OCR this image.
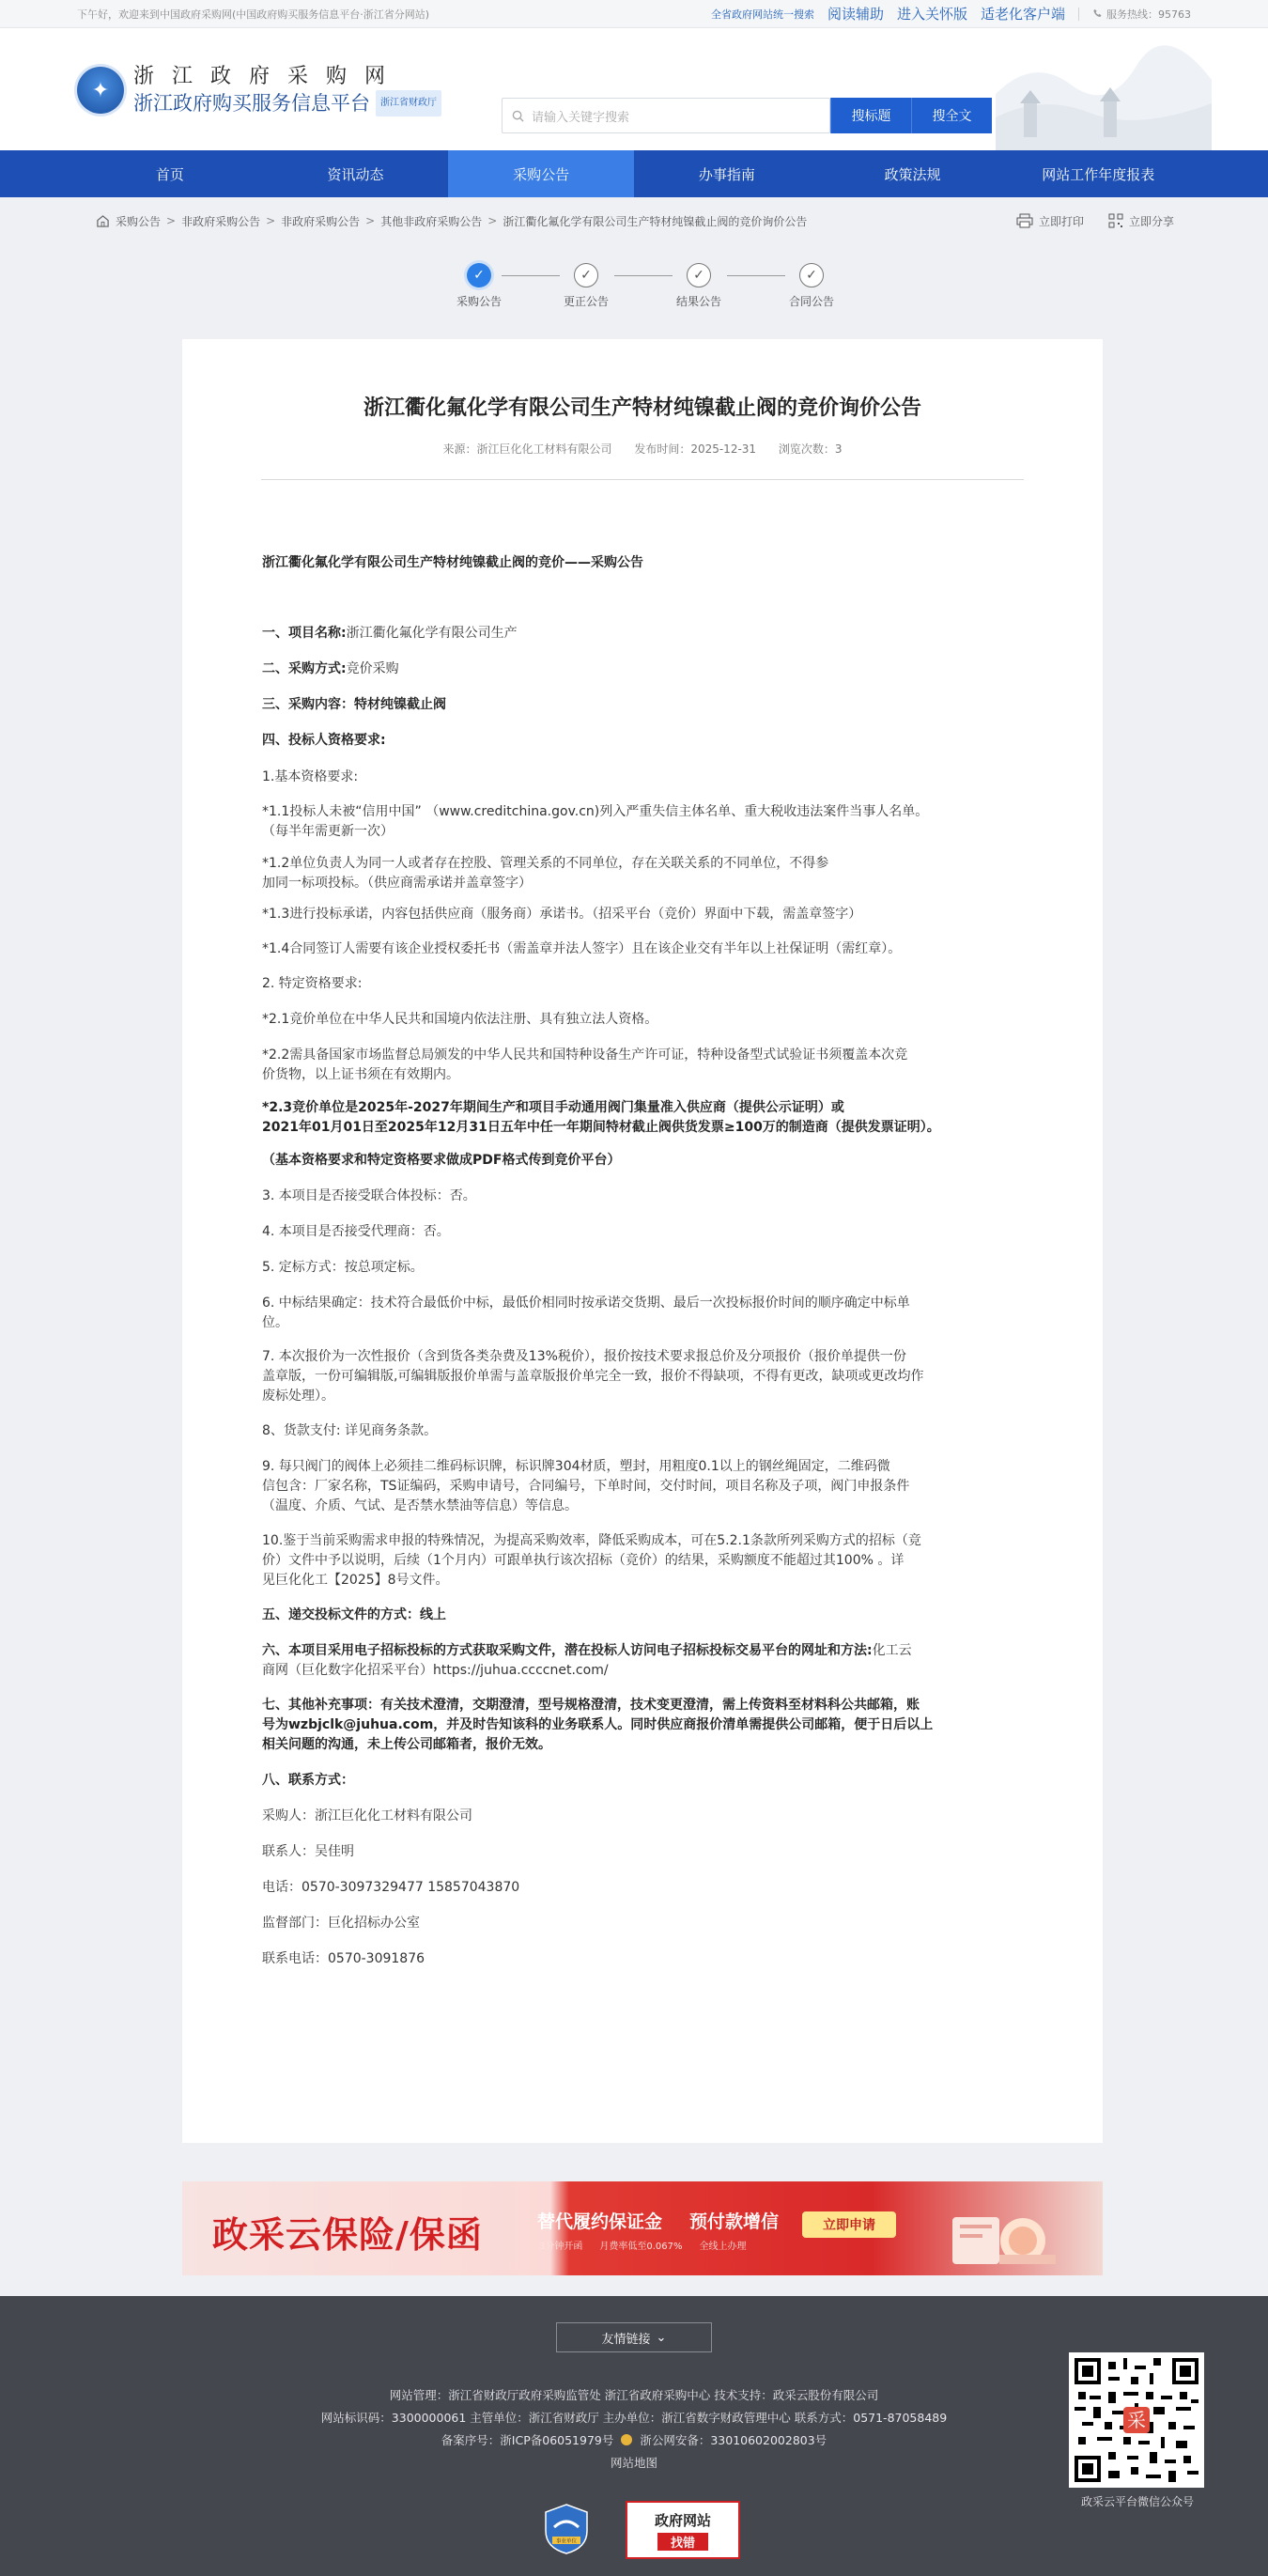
下午好，欢迎来到中国政府采购网(中国政府购买服务信息平台·浙江省分网站)	全省政府网站统一搜索 阅读辅助 进入关怀版 适老化客户端	服务热线：95763
✦
浙 江 政 府 采 购 网
浙江政府购买服务信息平台	浙江省财政厅
请输入关键字搜索	搜标题	搜全文
首页	资讯动态	采购公告	办事指南	政策法规	网站工作年度报表
采购公告 > 非政府采购公告 > 非政府采购公告 > 其他非政府采购公告 > 浙江衢化氟化学有限公司生产特材纯镍截止阀的竞价询价公告	立即打印	立即分享
✓
采购公告
✓
更正公告
✓
结果公告
✓
合同公告
浙江衢化氟化学有限公司生产特材纯镍截止阀的竞价询价公告
来源：浙江巨化化工材料有限公司 发布时间：2025-12-31 浏览次数：3

浙江衢化氟化学有限公司生产特材纯镍截止阀的竞价——采购公告

一、项目名称:浙江衢化氟化学有限公司生产

二、采购方式:竞价采购

三、采购内容：特材纯镍截止阀

四、投标人资格要求:

1.基本资格要求:

*1.1投标人未被“信用中国” （www.creditchina.gov.cn)列入严重失信主体名单、重大税收违法案件当事人名单。

（每半年需更新一次）

*1.2单位负责人为同一人或者存在控股、管理关系的不同单位，存在关联关系的不同单位，不得参

加同一标项投标。（供应商需承诺并盖章签字）

*1.3进行投标承诺，内容包括供应商（服务商）承诺书。（招采平台（竞价）界面中下载，需盖章签字）

*1.4合同签订人需要有该企业授权委托书（需盖章并法人签字）且在该企业交有半年以上社保证明（需红章）。

2. 特定资格要求:

*2.1竞价单位在中华人民共和国境内依法注册、具有独立法人资格。

*2.2需具备国家市场监督总局颁发的中华人民共和国特种设备生产许可证，特种设备型式试验证书须覆盖本次竞

价货物，以上证书须在有效期内。

*2.3竞价单位是2025年-2027年期间生产和项目手动通用阀门集量准入供应商（提供公示证明）或

2021年01月01日至2025年12月31日五年中任一年期间特材截止阀供货发票≥100万的制造商（提供发票证明）。

（基本资格要求和特定资格要求做成PDF格式传到竞价平台）

3. 本项目是否接受联合体投标：否。

4. 本项目是否接受代理商：否。

5. 定标方式：按总项定标。

6. 中标结果确定：技术符合最低价中标，最低价相同时按承诺交货期、最后一次投标报价时间的顺序确定中标单

位。

7. 本次报价为一次性报价（含到货各类杂费及13%税价），报价按技术要求报总价及分项报价（报价单提供一份

盖章版，一份可编辑版,可编辑版报价单需与盖章版报价单完全一致，报价不得缺项，不得有更改，缺项或更改均作

废标处理）。

8、货款支付: 详见商务条款。

9. 每只阀门的阀体上必须挂二维码标识牌，标识牌304材质，塑封，用粗度0.1以上的钢丝绳固定，二维码微

信包含：厂家名称，TS证编码，采购申请号，合同编号，下单时间，交付时间，项目名称及子项，阀门申报条件

（温度、介质、气试、是否禁水禁油等信息）等信息。

10.鉴于当前采购需求申报的特殊情况，为提高采购效率，降低采购成本，可在5.2.1条款所列采购方式的招标（竞

价）文件中予以说明，后续（1个月内）可跟单执行该次招标（竞价）的结果，采购额度不能超过其100% 。详

见巨化化工【2025】8号文件。

五、递交投标文件的方式：线上

六、本项目采用电子招标投标的方式获取采购文件，潜在投标人访问电子招标投标交易平台的网址和方法:化工云

商网（巨化数字化招采平台）https://juhua.ccccnet.com/

七、其他补充事项：有关技术澄清，交期澄清，型号规格澄清，技术变更澄清，需上传资料至材料科公共邮箱，账

号为wzbjclk@juhua.com，并及时告知该科的业务联系人。同时供应商报价清单需提供公司邮箱，便于日后以上

相关问题的沟通，未上传公司邮箱者，报价无效。

八、联系方式：

采购人：浙江巨化化工材料有限公司

联系人：吴佳明

电话：0570-3097329477 15857043870

监督部门：巨化招标办公室

联系电话：0570-3091876

政采云保险/保函	替代履约保证金 预付款增信
3分钟开函 月费率低至0.067% 全线上办理
立即申请
友情链接 ⌄
网站管理：浙江省财政厅政府采购监管处 浙江省政府采购中心 技术支持：政采云股份有限公司
网站标识码：3300000061 主管单位：浙江省财政厅 主办单位：浙江省数字财政管理中心 联系方式：0571-87058489
备案序号：浙ICP备06051979号  浙公网安备：33010602002803号
网站地图
采
政采云平台微信公众号
事业单位
政府网站
找错
